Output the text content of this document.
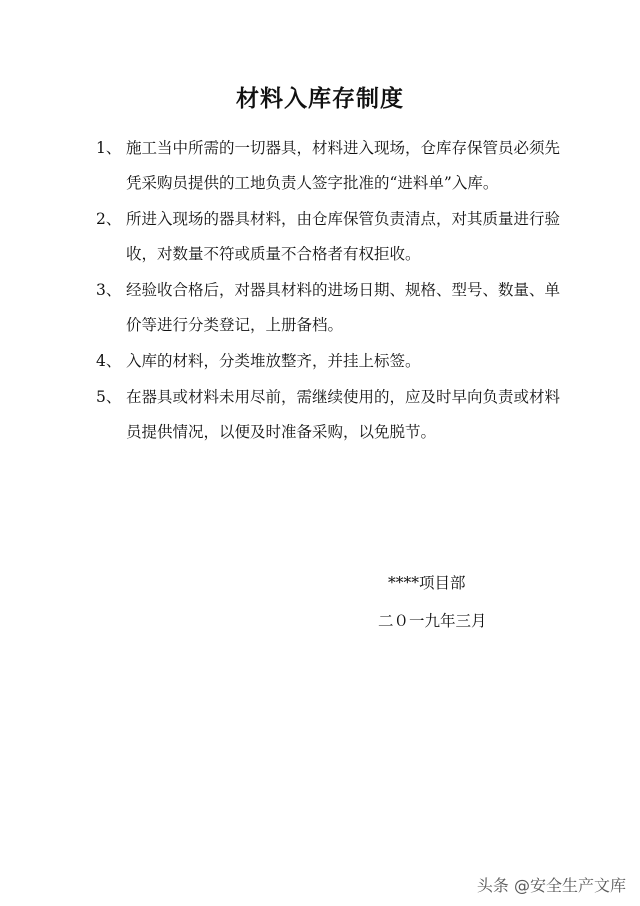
材料入库存制度
1、 施工当中所需的一切器具，材料进入现场，仓库存保管员必须先凭采购员提供的工地负责人签字批准的“进料单”入库。
2、 所进入现场的器具材料，由仓库保管负责清点，对其质量进行验收，对数量不符或质量不合格者有权拒收。
3、 经验收合格后，对器具材料的进场日期、规格、型号、数量、单价等进行分类登记，上册备档。
4、 入库的材料，分类堆放整齐，并挂上标签。
5、 在器具或材料未用尽前，需继续使用的，应及时早向负责或材料员提供情况，以便及时准备采购，以免脱节。
****项目部
二０一九年三月
头条 @安全生产文库
